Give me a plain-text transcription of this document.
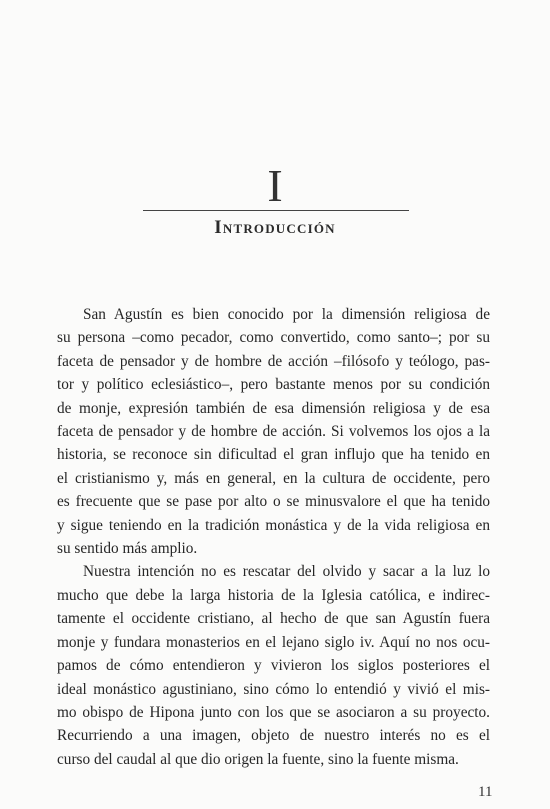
I
Introducción
San Agustín es bien conocido por la dimensión religiosa de
su persona –como pecador, como convertido, como santo–; por su
faceta de pensador y de hombre de acción –filósofo y teólogo, pas-
tor y político eclesiástico–, pero bastante menos por su condición
de monje, expresión también de esa dimensión religiosa y de esa
faceta de pensador y de hombre de acción. Si volvemos los ojos a la
historia, se reconoce sin dificultad el gran influjo que ha tenido en
el cristianismo y, más en general, en la cultura de occidente, pero
es frecuente que se pase por alto o se minusvalore el que ha tenido
y sigue teniendo en la tradición monástica y de la vida religiosa en
su sentido más amplio.
Nuestra intención no es rescatar del olvido y sacar a la luz lo
mucho que debe la larga historia de la Iglesia católica, e indirec-
tamente el occidente cristiano, al hecho de que san Agustín fuera
monje y fundara monasterios en el lejano siglo iv. Aquí no nos ocu-
pamos de cómo entendieron y vivieron los siglos posteriores el
ideal monástico agustiniano, sino cómo lo entendió y vivió el mis-
mo obispo de Hipona junto con los que se asociaron a su proyecto.
Recurriendo a una imagen, objeto de nuestro interés no es el
curso del caudal al que dio origen la fuente, sino la fuente misma.
11
